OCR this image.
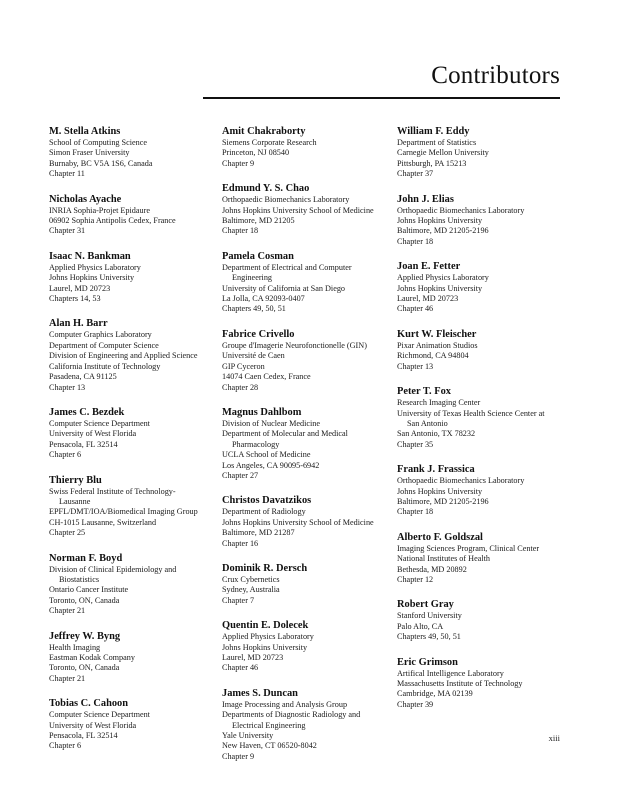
Contributors
M. Stella Atkins
School of Computing Science
Simon Fraser University
Burnaby, BC V5A 1S6, Canada
Chapter 11
Nicholas Ayache
INRIA Sophia-Projet Epidaure
06902 Sophia Antipolis Cedex, France
Chapter 31
Isaac N. Bankman
Applied Physics Laboratory
Johns Hopkins University
Laurel, MD 20723
Chapters 14, 53
Alan H. Barr
Computer Graphics Laboratory
Department of Computer Science
Division of Engineering and Applied Science
California Institute of Technology
Pasadena, CA 91125
Chapter 13
James C. Bezdek
Computer Science Department
University of West Florida
Pensacola, FL 32514
Chapter 6
Thierry Blu
Swiss Federal Institute of Technology-
Lausanne
EPFL/DMT/IOA/Biomedical Imaging Group
CH-1015 Lausanne, Switzerland
Chapter 25
Norman F. Boyd
Division of Clinical Epidemiology and
Biostatistics
Ontario Cancer Institute
Toronto, ON, Canada
Chapter 21
Jeffrey W. Byng
Health Imaging
Eastman Kodak Company
Toronto, ON, Canada
Chapter 21
Tobias C. Cahoon
Computer Science Department
University of West Florida
Pensacola, FL 32514
Chapter 6
Amit Chakraborty
Siemens Corporate Research
Princeton, NJ 08540
Chapter 9
Edmund Y. S. Chao
Orthopaedic Biomechanics Laboratory
Johns Hopkins University School of Medicine
Baltimore, MD 21205
Chapter 18
Pamela Cosman
Department of Electrical and Computer
Engineering
University of California at San Diego
La Jolla, CA 92093-0407
Chapters 49, 50, 51
Fabrice Crivello
Groupe d'Imagerie Neurofonctionelle (GIN)
Université de Caen
GIP Cyceron
14074 Caen Cedex, France
Chapter 28
Magnus Dahlbom
Division of Nuclear Medicine
Department of Molecular and Medical
Pharmacology
UCLA School of Medicine
Los Angeles, CA 90095-6942
Chapter 27
Christos Davatzikos
Department of Radiology
Johns Hopkins University School of Medicine
Baltimore, MD 21287
Chapter 16
Dominik R. Dersch
Crux Cybernetics
Sydney, Australia
Chapter 7
Quentin E. Dolecek
Applied Physics Laboratory
Johns Hopkins University
Laurel, MD 20723
Chapter 46
James S. Duncan
Image Processing and Analysis Group
Departments of Diagnostic Radiology and
Electrical Engineering
Yale University
New Haven, CT 06520-8042
Chapter 9
William F. Eddy
Department of Statistics
Carnegie Mellon University
Pittsburgh, PA 15213
Chapter 37
John J. Elias
Orthopaedic Biomechanics Laboratory
Johns Hopkins University
Baltimore, MD 21205-2196
Chapter 18
Joan E. Fetter
Applied Physics Laboratory
Johns Hopkins University
Laurel, MD 20723
Chapter 46
Kurt W. Fleischer
Pixar Animation Studios
Richmond, CA 94804
Chapter 13
Peter T. Fox
Research Imaging Center
University of Texas Health Science Center at
San Antonio
San Antonio, TX 78232
Chapter 35
Frank J. Frassica
Orthopaedic Biomechanics Laboratory
Johns Hopkins University
Baltimore, MD 21205-2196
Chapter 18
Alberto F. Goldszal
Imaging Sciences Program, Clinical Center
National Institutes of Health
Bethesda, MD 20892
Chapter 12
Robert Gray
Stanford University
Palo Alto, CA
Chapters 49, 50, 51
Eric Grimson
Artifical Intelligence Laboratory
Massachusetts Institute of Technology
Cambridge, MA 02139
Chapter 39
xiii
